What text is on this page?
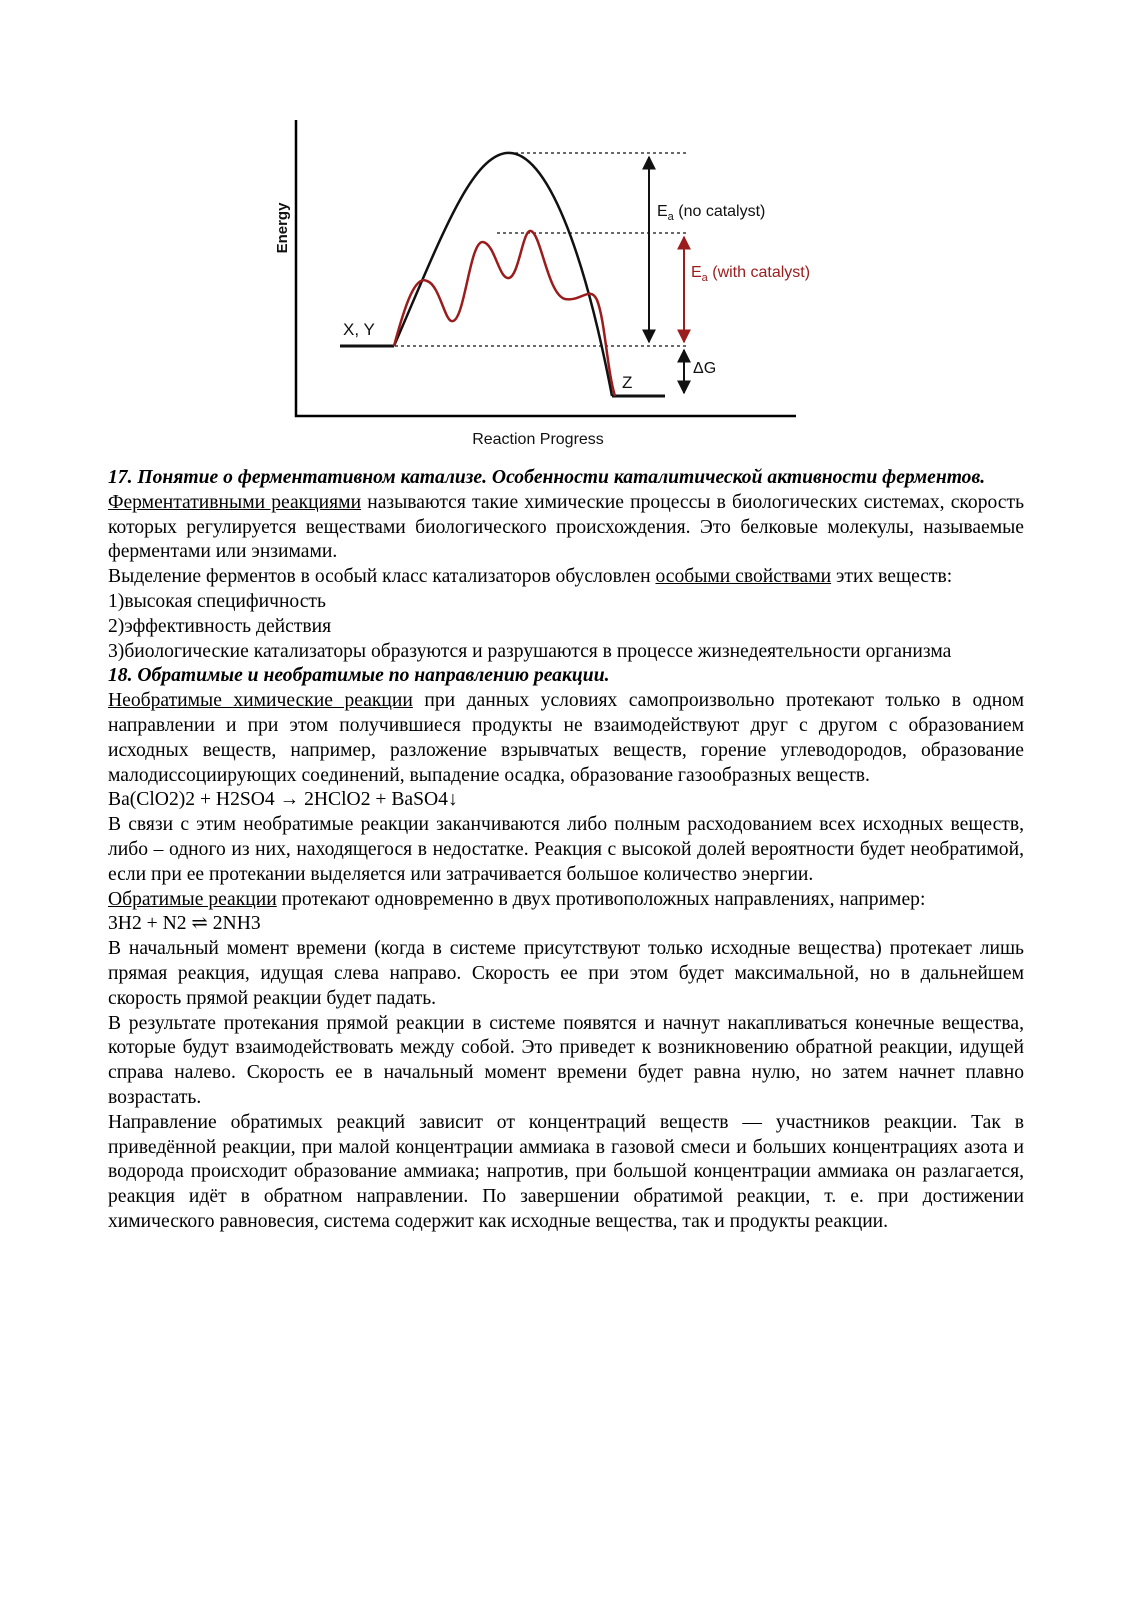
Energy
Reaction Progress
X, Y
Z
$E_a$ (no catalyst)
$E_a$ (with catalyst)
ΔG

17. Понятие о ферментативном катализе. Особенности каталитической активности ферментов.

Ферментативными реакциями называются такие химические процессы в биологических системах, скорость которых регулируется веществами биологического происхождения. Это белковые молекулы, называемые ферментами или энзимами.

Выделение ферментов в особый класс катализаторов обусловлен особыми свойствами этих веществ:

1)высокая специфичность

2)эффективность действия

3)биологические катализаторы образуются и разрушаются в процессе жизнедеятельности организма

18. Обратимые и необратимые по направлению реакции.

Необратимые химические реакции при данных условиях самопроизвольно протекают только в одном направлении и при этом получившиеся продукты не взаимодействуют друг с другом с образованием исходных веществ, например, разложение взрывчатых веществ, горение углеводородов, образование малодиссоциирующих соединений, выпадение осадка, образование газообразных веществ.

Ba(ClO2)2 + H2SO4 → 2HClO2 + BaSO4↓

В связи с этим необратимые реакции заканчиваются либо полным расходованием всех исходных веществ, либо – одного из них, находящегося в недостатке. Реакция с высокой долей вероятности будет необратимой, если при ее протекании выделяется или затрачивается большое количество энергии.

Обратимые реакции протекают одновременно в двух противоположных направлениях, например:

3H2 + N2 ⇌ 2NH3

В начальный момент времени (когда в системе присутствуют только исходные вещества) протекает лишь прямая реакция, идущая слева направо. Скорость ее при этом будет максимальной, но в дальнейшем скорость прямой реакции будет падать.

В результате протекания прямой реакции в системе появятся и начнут накапливаться конечные вещества, которые будут взаимодействовать между собой. Это приведет к возникновению обратной реакции, идущей справа налево. Скорость ее в начальный момент времени будет равна нулю, но затем начнет плавно возрастать.

Направление обратимых реакций зависит от концентраций веществ — участников реакции. Так в приведённой реакции, при малой концентрации аммиака в газовой смеси и больших концентрациях азота и водорода происходит образование аммиака; напротив, при большой концентрации аммиака он разлагается, реакция идёт в обратном направлении. По завершении обратимой реакции, т. е. при достижении химического равновесия, система содержит как исходные вещества, так и продукты реакции.
